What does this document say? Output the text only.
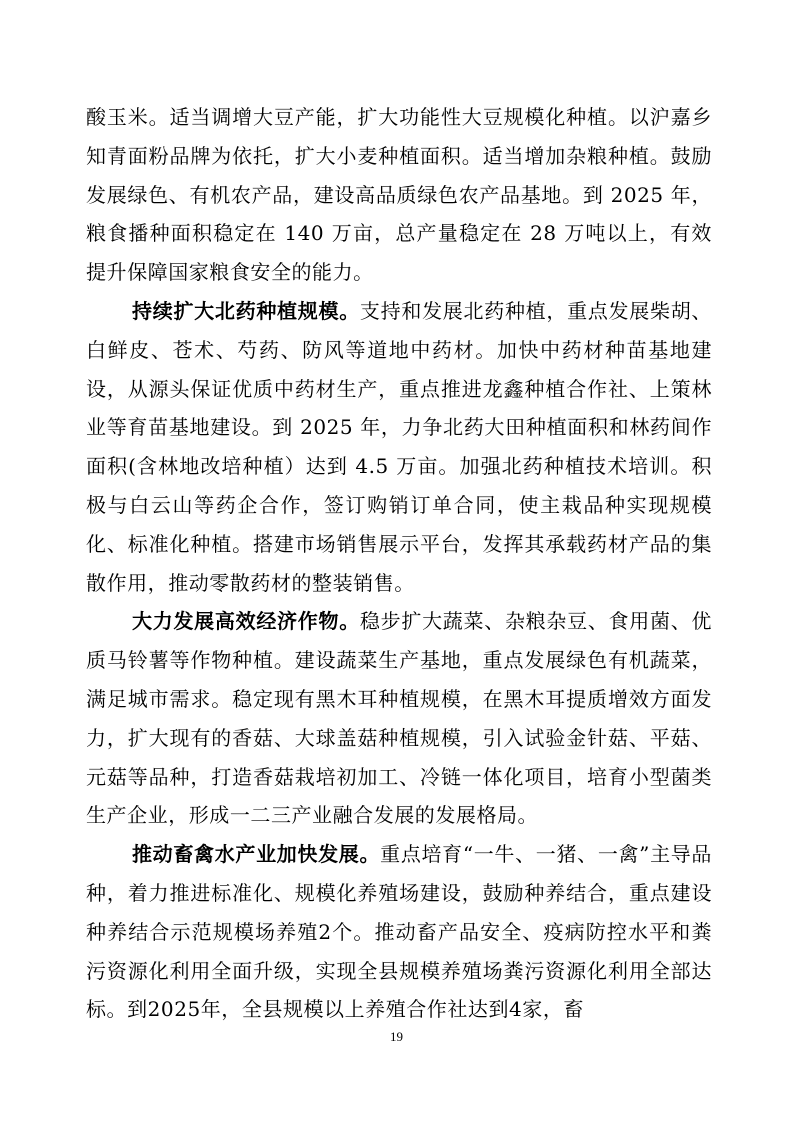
酸玉米。适当调增大豆产能，扩大功能性大豆规模化种植。以沪嘉乡知青面粉品牌为依托，扩大小麦种植面积。适当增加杂粮种植。鼓励发展绿色、有机农产品，建设高品质绿色农产品基地。到 2025 年，粮食播种面积稳定在 140 万亩，总产量稳定在 28 万吨以上，有效提升保障国家粮食安全的能力。

持续扩大北药种植规模。支持和发展北药种植，重点发展柴胡、白鲜皮、苍术、芍药、防风等道地中药材。加快中药材种苗基地建设，从源头保证优质中药材生产，重点推进龙鑫种植合作社、上策林业等育苗基地建设。到 2025 年，力争北药大田种植面积和林药间作面积(含林地改培种植）达到 4.5 万亩。加强北药种植技术培训。积极与白云山等药企合作，签订购销订单合同，使主栽品种实现规模化、标准化种植。搭建市场销售展示平台，发挥其承载药材产品的集散作用，推动零散药材的整装销售。

大力发展高效经济作物。稳步扩大蔬菜、杂粮杂豆、食用菌、优质马铃薯等作物种植。建设蔬菜生产基地，重点发展绿色有机蔬菜，满足城市需求。稳定现有黑木耳种植规模，在黑木耳提质增效方面发力，扩大现有的香菇、大球盖菇种植规模，引入试验金针菇、平菇、元菇等品种，打造香菇栽培初加工、冷链一体化项目，培育小型菌类生产企业，形成一二三产业融合发展的发展格局。

推动畜禽水产业加快发展。重点培育“一牛、一猪、一禽”主导品种，着力推进标准化、规模化养殖场建设，鼓励种养结合，重点建设种养结合示范规模场养殖2个。推动畜产品安全、疫病防控水平和粪污资源化利用全面升级，实现全县规模养殖场粪污资源化利用全部达标。到2025年，全县规模以上养殖合作社达到4家，畜

19
